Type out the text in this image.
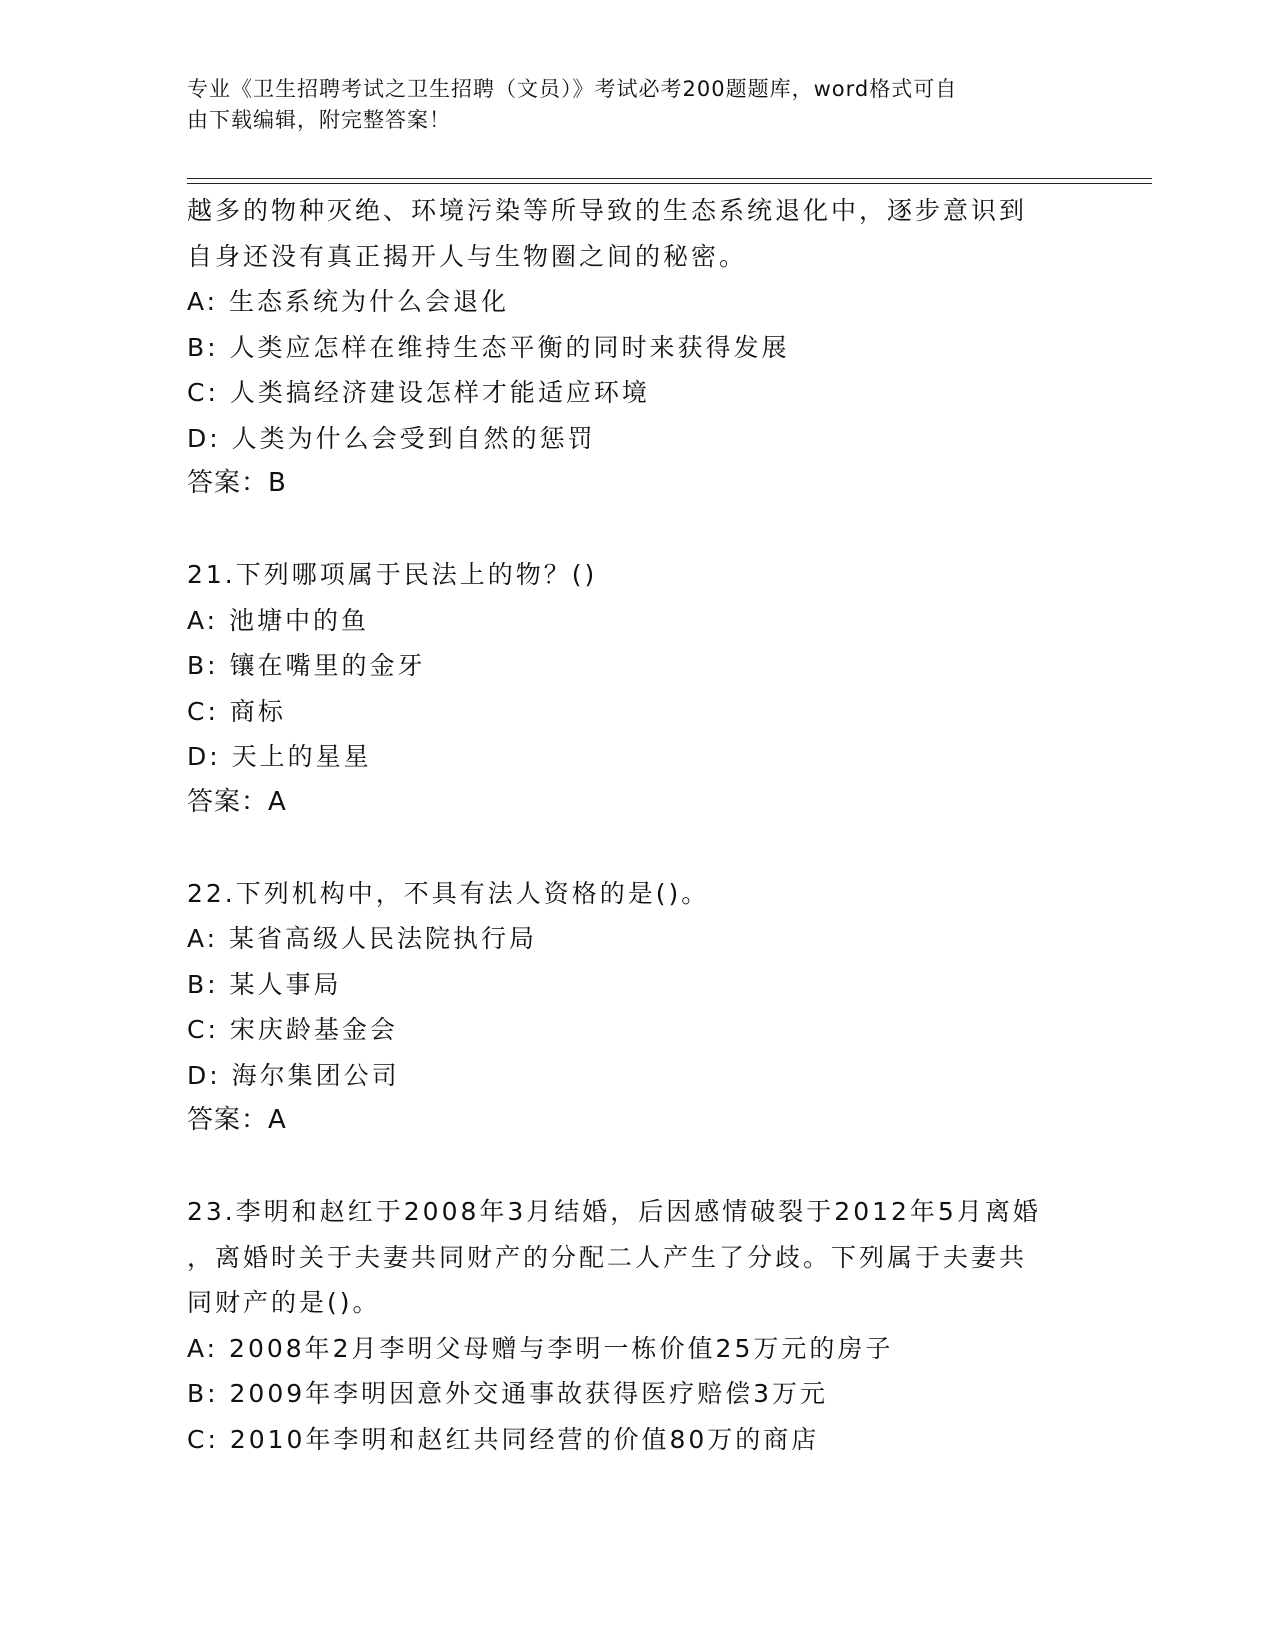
专业《卫生招聘考试之卫生招聘（文员）》考试必考200题题库，word格式可自
由下载编辑，附完整答案！
越多的物种灭绝、环境污染等所导致的生态系统退化中，逐步意识到
自身还没有真正揭开人与生物圈之间的秘密。
A: 生态系统为什么会退化
B: 人类应怎样在维持生态平衡的同时来获得发展
C: 人类搞经济建设怎样才能适应环境
D: 人类为什么会受到自然的惩罚
答案：B
21.下列哪项属于民法上的物？()
A: 池塘中的鱼
B: 镶在嘴里的金牙
C: 商标
D: 天上的星星
答案：A
22.下列机构中，不具有法人资格的是()。
A: 某省高级人民法院执行局
B: 某人事局
C: 宋庆龄基金会
D: 海尔集团公司
答案：A
23.李明和赵红于2008年3月结婚，后因感情破裂于2012年5月离婚
，离婚时关于夫妻共同财产的分配二人产生了分歧。下列属于夫妻共
同财产的是()。
A: 2008年2月李明父母赠与李明一栋价值25万元的房子
B: 2009年李明因意外交通事故获得医疗赔偿3万元
C: 2010年李明和赵红共同经营的价值80万的商店
